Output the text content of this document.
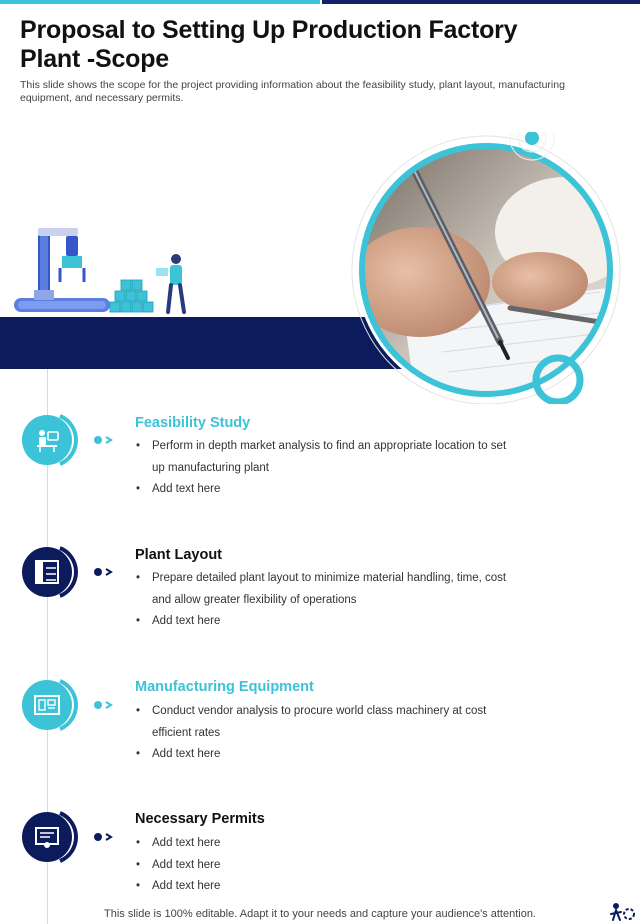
Proposal to Setting Up Production Factory Plant -Scope

This slide shows the scope for the project providing information about the feasibility study, plant layout, manufacturing equipment, and necessary permits.

Feasibility Study
• Perform in depth market analysis to find an appropriate location to set up manufacturing plant
• Add text here
Plant Layout
• Prepare detailed plant layout to minimize material handling, time, cost and allow greater flexibility of operations
• Add text here
Manufacturing Equipment
• Conduct vendor analysis to procure world class machinery at cost efficient rates
• Add text here
Necessary Permits
• Add text here
• Add text here
• Add text here
This slide is 100% editable. Adapt it to your needs and capture your audience's attention.
